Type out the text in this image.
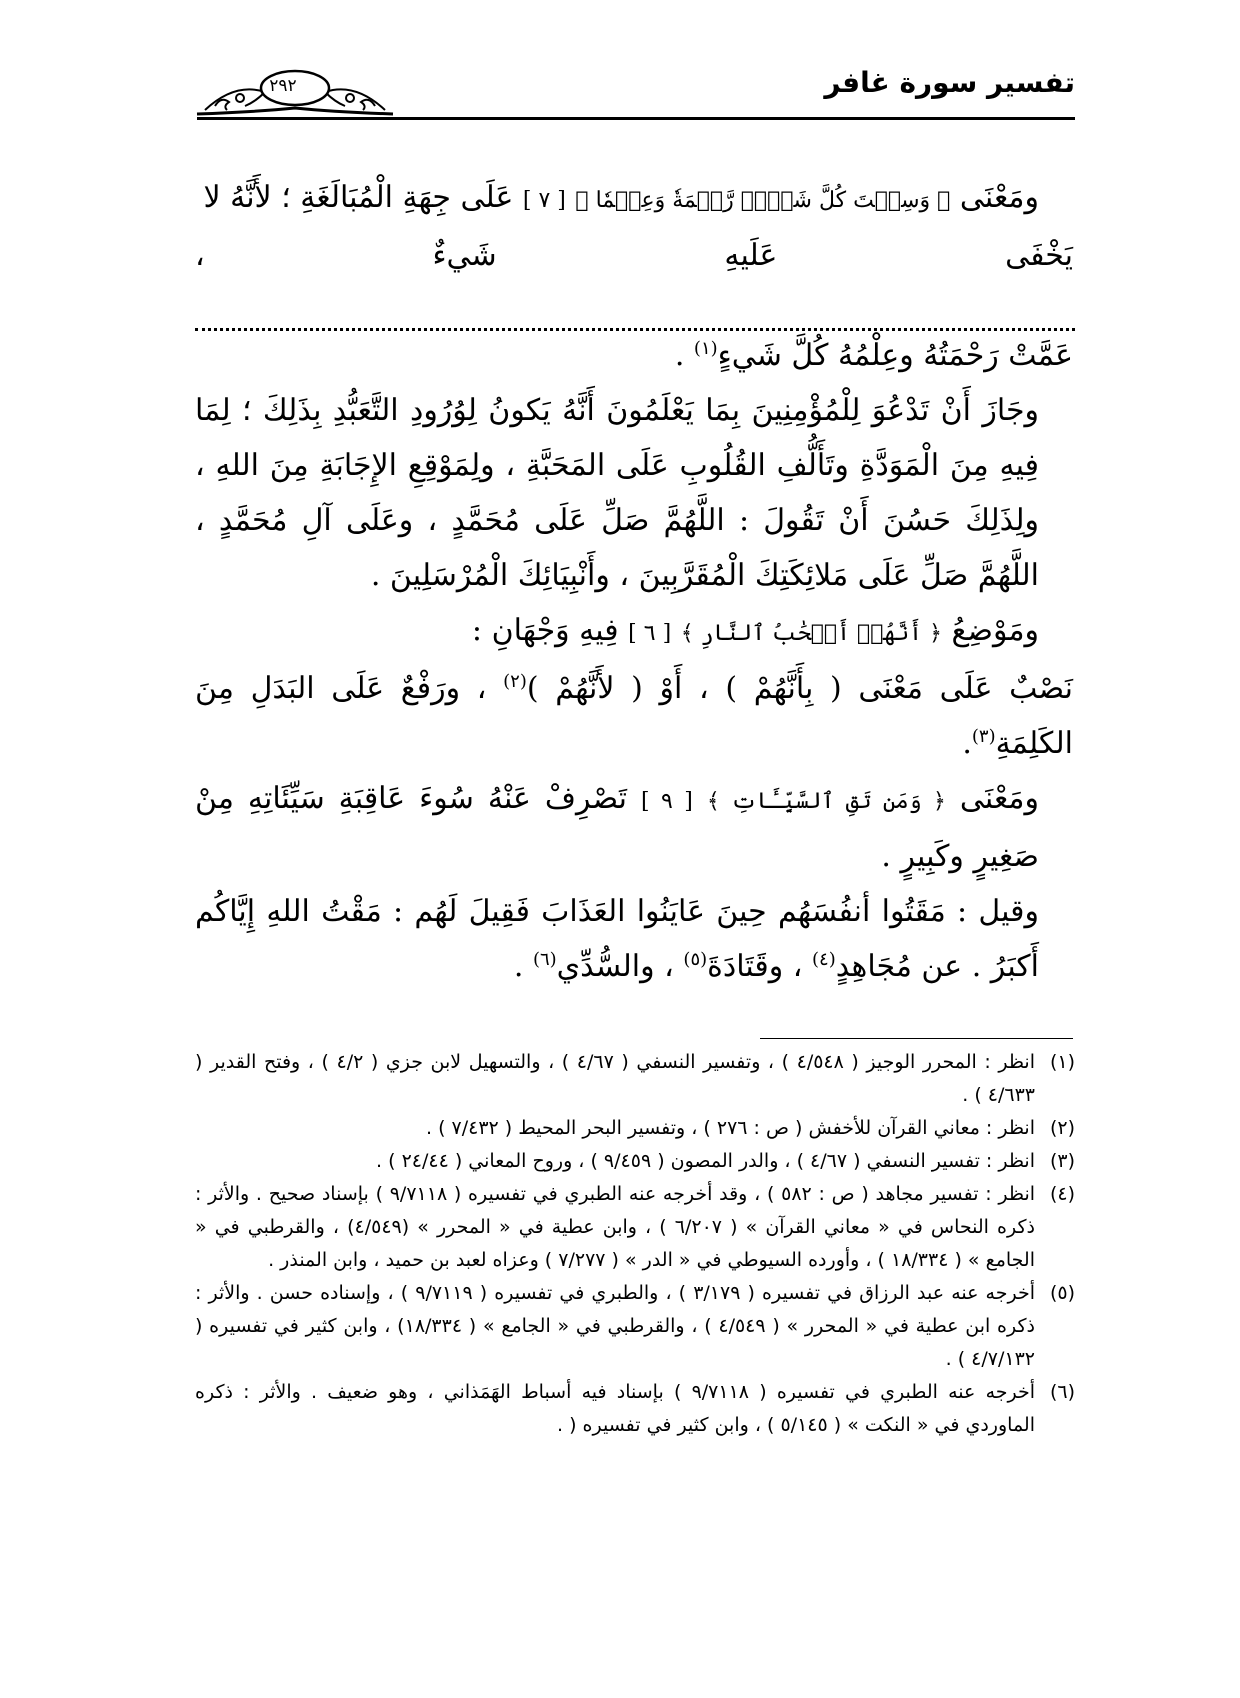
٢٩٢	تفسير سورة غافر

ومَعْنَى ﴿ وَسِعۡتَ كُلَّ شَيۡءٖ رَّحۡمَةٗ وَعِلۡمٗا ﴾ [ ٧ ] عَلَى جِهَةِ الْمُبَالَغَةِ ؛ لأَنَّهُ لا

يَخْفَى
عَلَيهِ
شَيءٌ
،

عَمَّتْ رَحْمَتُهُ وعِلْمُهُ كُلَّ شَيءٍ$^{(١)}$ .

وجَازَ أَنْ تَدْعُوَ لِلْمُؤْمِنِينَ بِمَا يَعْلَمُونَ أَنَّهُ يَكونُ لِوُرُودِ التَّعَبُّدِ بِذَلِكَ ؛ لِمَا فِيهِ مِنَ الْمَوَدَّةِ وتَأَلُّفِ القُلُوبِ عَلَى المَحَبَّةِ ، ولِمَوْقِعِ الإِجَابَةِ مِنَ اللهِ ، ولِذَلِكَ حَسُنَ أَنْ تَقُولَ : اللَّهُمَّ صَلِّ عَلَى مُحَمَّدٍ ، وعَلَى آلِ مُحَمَّدٍ ، اللَّهُمَّ صَلِّ عَلَى مَلائِكَتِكَ الْمُقَرَّبِينَ ، وأَنْبِيَائِكَ الْمُرْسَلِينَ .

ومَوْضِعُ ﴿ أَنَّهُمۡ أَصۡحَٰبُ ٱلنَّارِ ﴾ [ ٦ ] فِيهِ وَجْهَانِ :

نَصْبٌ عَلَى مَعْنَى ( بِأَنَّهُمْ ) ، أَوْ ( لأَنَّهُمْ )$^{(٢)}$ ، ورَفْعٌ عَلَى البَدَلِ مِنَ الكَلِمَةِ$^{(٣)}$.

ومَعْنَى ﴿ وَمَن تَقِ ٱلسَّيِّـَٔاتِ ﴾ [ ٩ ] تَصْرِفْ عَنْهُ سُوءَ عَاقِبَةِ سَيِّئَاتِهِ مِنْ صَغِيرٍ وكَبِيرٍ .

وقيل : مَقَتُوا أنفُسَهُم حِينَ عَايَنُوا العَذَابَ فَقِيلَ لَهُم : مَقْتُ اللهِ إِيَّاكُم أَكبَرُ . عن مُجَاهِدٍ$^{(٤)}$ ، وقَتَادَةَ$^{(٥)}$ ، والسُّدِّي$^{(٦)}$ .

(١)
انظر : المحرر الوجيز ( ٤/٥٤٨ ) ، وتفسير النسفي ( ٤/٦٧ ) ، والتسهيل لابن جزي ( ٤/٢ ) ، وفتح القدير ( ٤/٦٣٣ ) .
(٢)
انظر : معاني القرآن للأخفش ( ص : ٢٧٦ ) ، وتفسير البحر المحيط ( ٧/٤٣٢ ) .
(٣)
انظر : تفسير النسفي ( ٤/٦٧ ) ، والدر المصون ( ٩/٤٥٩ ) ، وروح المعاني ( ٢٤/٤٤ ) .
(٤)
انظر : تفسير مجاهد ( ص : ٥٨٢ ) ، وقد أخرجه عنه الطبري في تفسيره ( ٩/٧١١٨ ) بإسناد صحيح . والأثر : ذكره النحاس في « معاني القرآن » ( ٦/٢٠٧ ) ، وابن عطية في « المحرر » (٤/٥٤٩) ، والقرطبي في « الجامع » ( ١٨/٣٣٤ ) ، وأورده السيوطي في « الدر » ( ٧/٢٧٧ ) وعزاه لعبد بن حميد ، وابن المنذر .
(٥)
أخرجه عنه عبد الرزاق في تفسيره ( ٣/١٧٩ ) ، والطبري في تفسيره ( ٩/٧١١٩ ) ، وإسناده حسن . والأثر : ذكره ابن عطية في « المحرر » ( ٤/٥٤٩ ) ، والقرطبي في « الجامع » ( ١٨/٣٣٤) ، وابن كثير في تفسيره ( ٤/٧/١٣٢ ) .
(٦)
أخرجه عنه الطبري في تفسيره ( ٩/٧١١٨ ) بإسناد فيه أسباط الهَمَذاني ، وهو ضعيف . والأثر : ذكره الماوردي في « النكت » ( ٥/١٤٥ ) ، وابن كثير في تفسيره ( .
